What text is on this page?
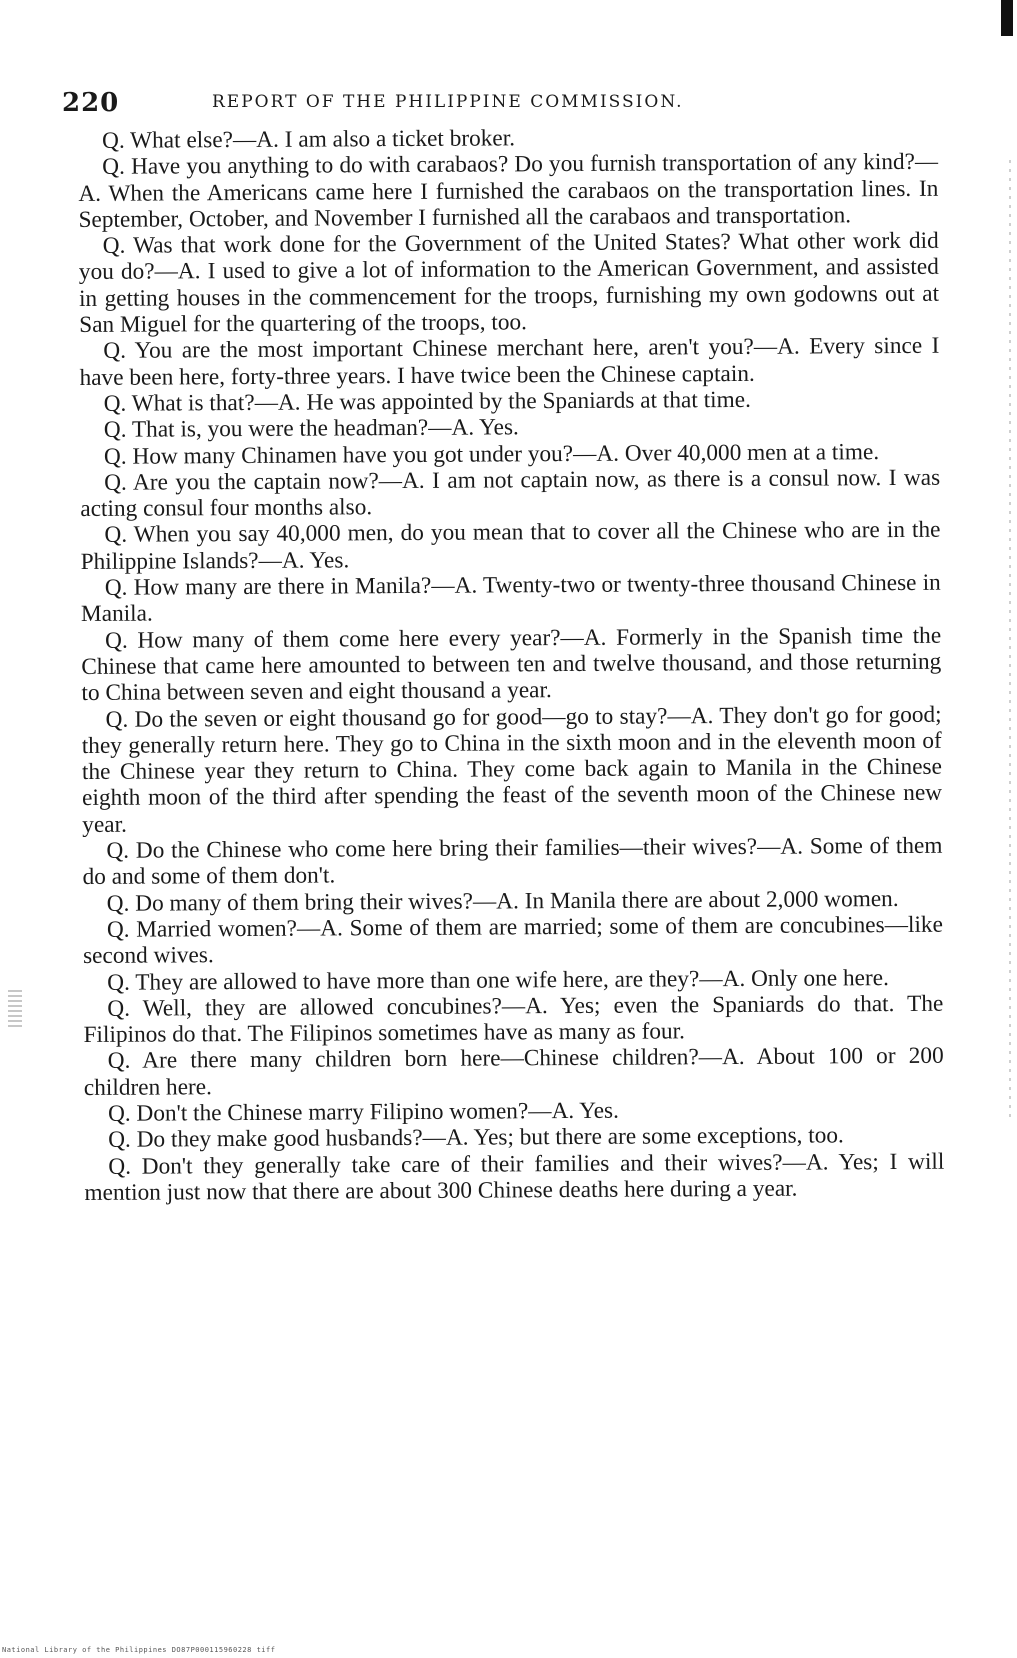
220	REPORT OF THE PHILIPPINE COMMISSION.

Q. What else?—A. I am also a ticket broker.

Q. Have you anything to do with carabaos? Do you furnish transportation of any kind?—A. When the Americans came here I furnished the carabaos on the transportation lines. In September, October, and November I furnished all the carabaos and transportation.

Q. Was that work done for the Government of the United States? What other work did you do?—A. I used to give a lot of information to the American Government, and assisted in getting houses in the commencement for the troops, furnishing my own godowns out at San Miguel for the quartering of the troops, too.

Q. You are the most important Chinese merchant here, aren't you?—A. Every since I have been here, forty-three years. I have twice been the Chinese captain.

Q. What is that?—A. He was appointed by the Spaniards at that time.

Q. That is, you were the headman?—A. Yes.

Q. How many Chinamen have you got under you?—A. Over 40,000 men at a time.

Q. Are you the captain now?—A. I am not captain now, as there is a consul now. I was acting consul four months also.

Q. When you say 40,000 men, do you mean that to cover all the Chinese who are in the Philippine Islands?—A. Yes.

Q. How many are there in Manila?—A. Twenty-two or twenty-three thousand Chinese in Manila.

Q. How many of them come here every year?—A. Formerly in the Spanish time the Chinese that came here amounted to between ten and twelve thousand, and those returning to China between seven and eight thousand a year.

Q. Do the seven or eight thousand go for good—go to stay?—A. They don't go for good; they generally return here. They go to China in the sixth moon and in the eleventh moon of the Chinese year they return to China. They come back again to Manila in the Chinese eighth moon of the third after spending the feast of the seventh moon of the Chinese new year.

Q. Do the Chinese who come here bring their families—their wives?—A. Some of them do and some of them don't.

Q. Do many of them bring their wives?—A. In Manila there are about 2,000 women.

Q. Married women?—A. Some of them are married; some of them are concubines—like second wives.

Q. They are allowed to have more than one wife here, are they?—A. Only one here.

Q. Well, they are allowed concubines?—A. Yes; even the Spaniards do that. The Filipinos do that. The Filipinos sometimes have as many as four.

Q. Are there many children born here—Chinese children?—A. About 100 or 200 children here.

Q. Don't the Chinese marry Filipino women?—A. Yes.

Q. Do they make good husbands?—A. Yes; but there are some exceptions, too.

Q. Don't they generally take care of their families and their wives?—A. Yes; I will mention just now that there are about 300 Chinese deaths here during a year.

National Library of the Philippines DO87P000115960228 tiff
